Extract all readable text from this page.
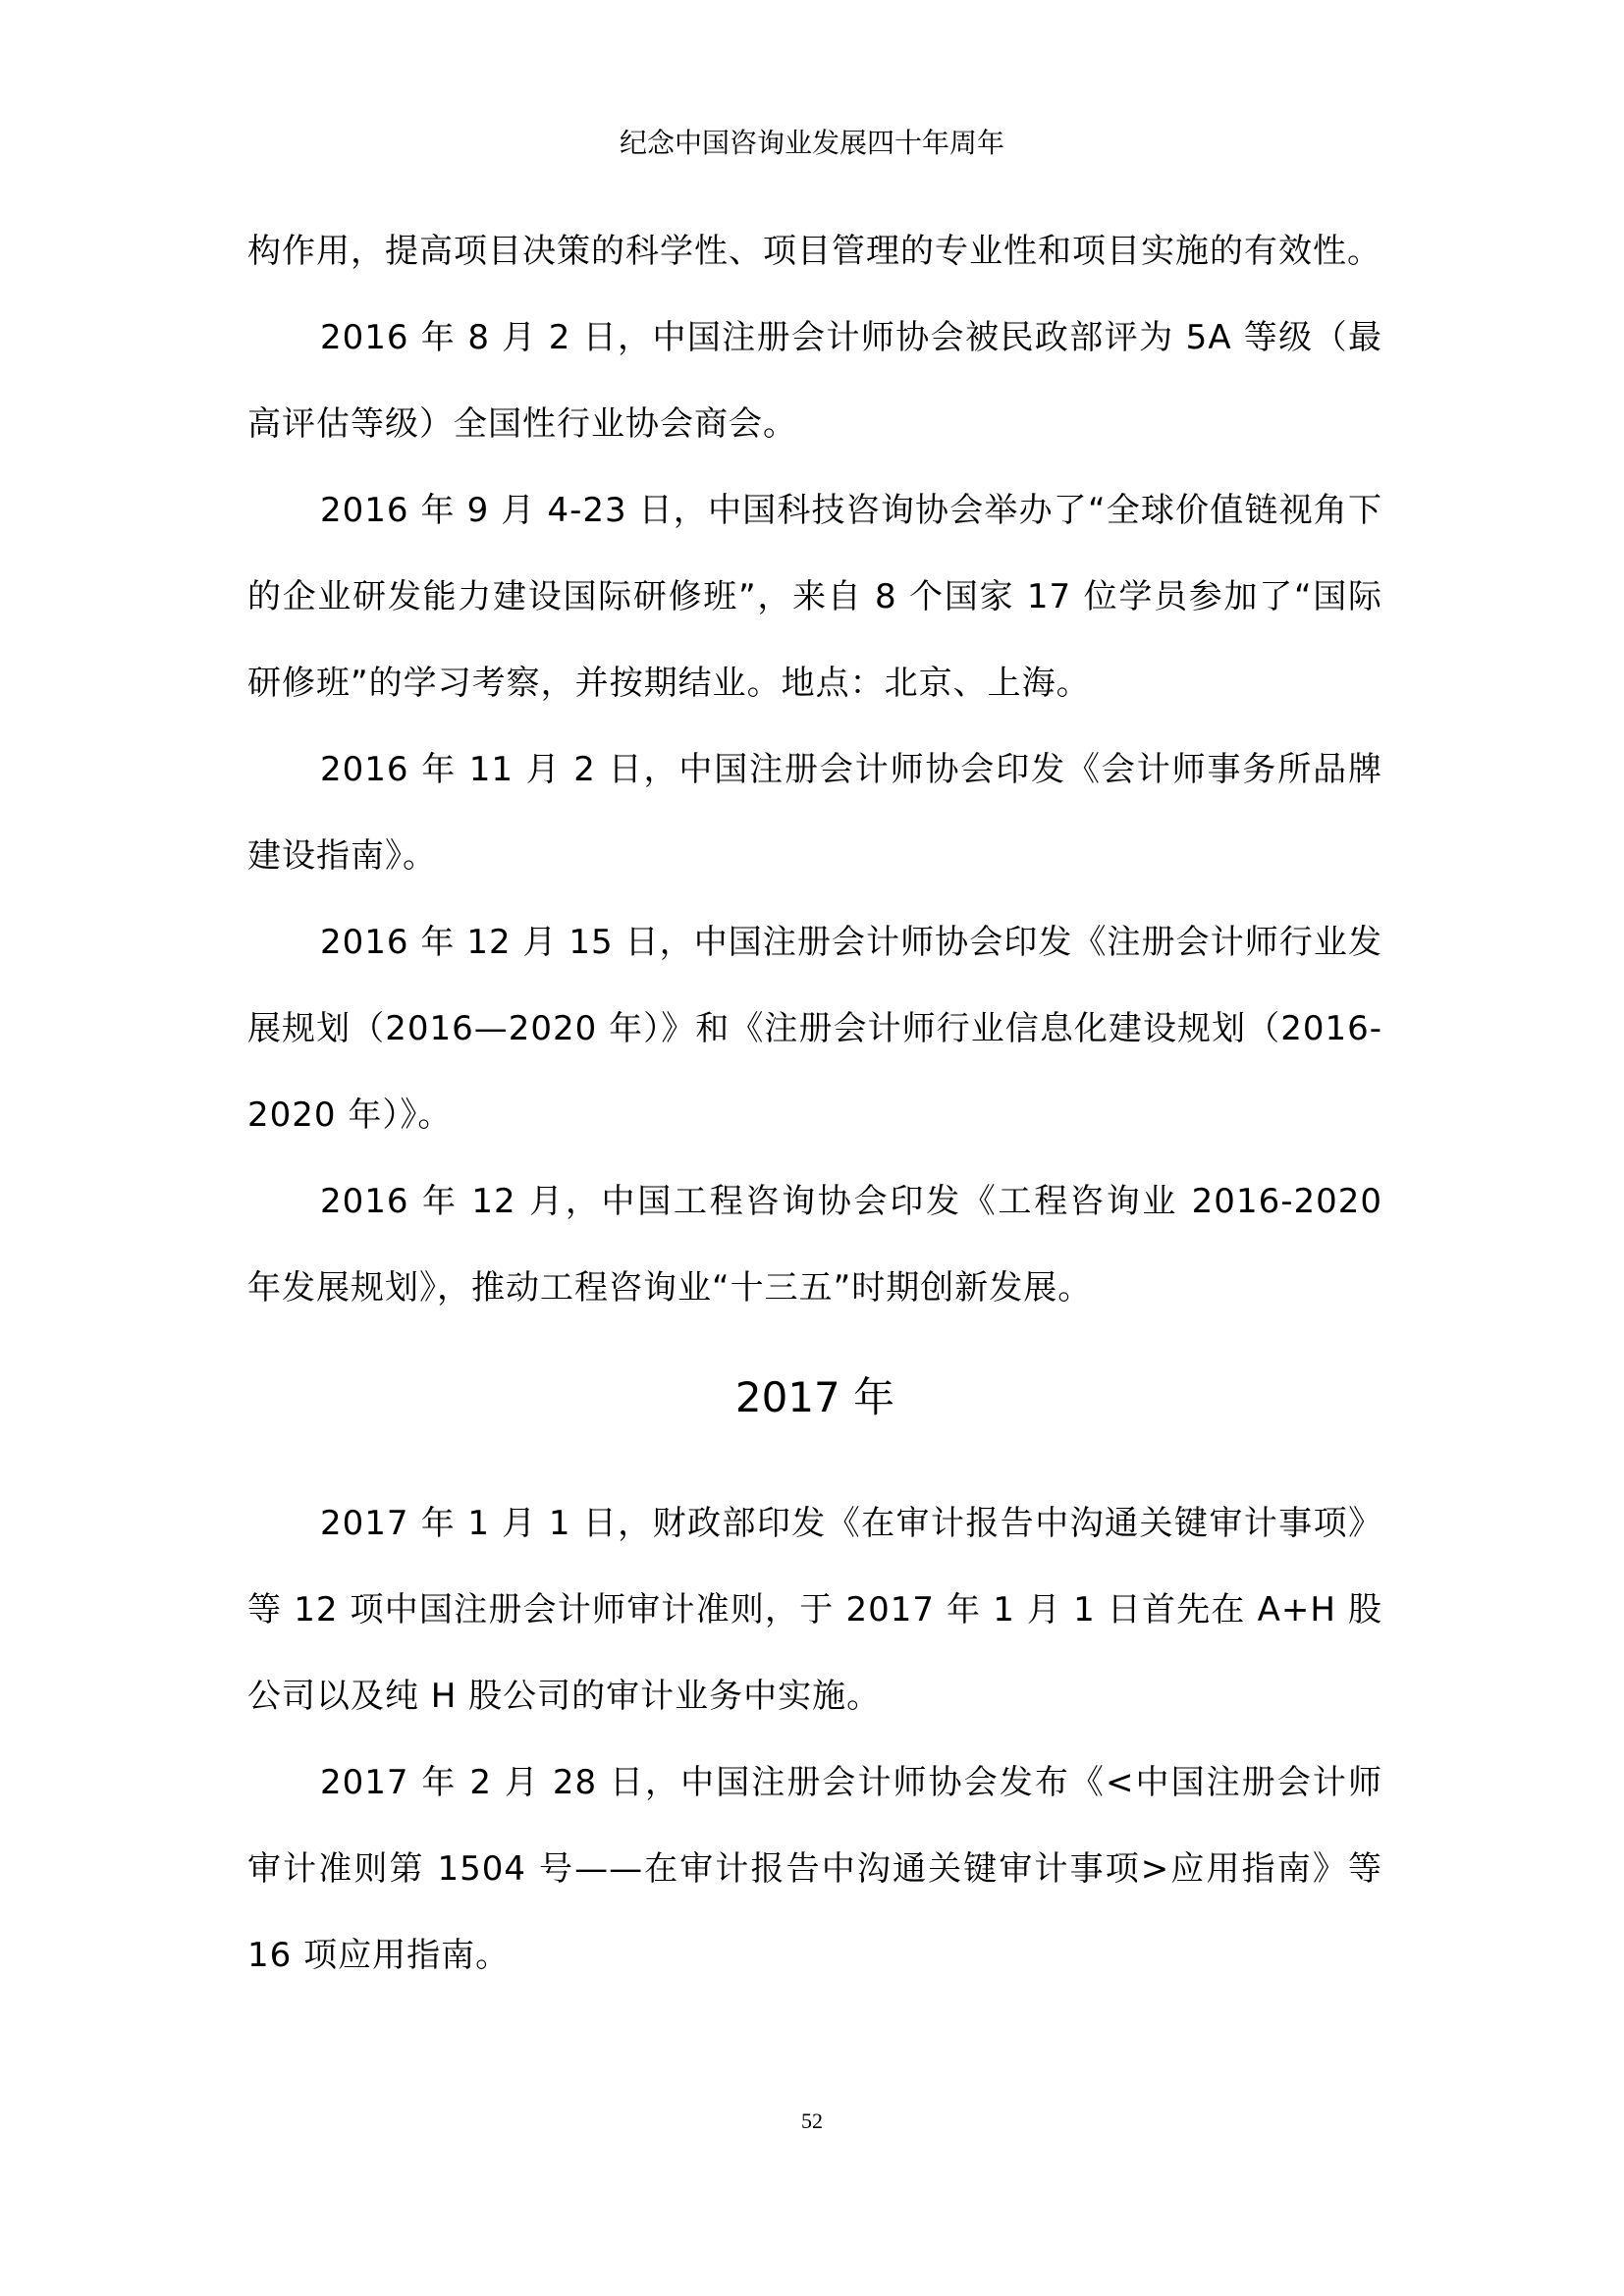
纪念中国咨询业发展四十年周年

构作用，提高项目决策的科学性、项目管理的专业性和项目实施的有效性。

2016 年 8 月 2 日，中国注册会计师协会被民政部评为 5A 等级（最高评估等级）全国性行业协会商会。

2016 年 9 月 4-23 日，中国科技咨询协会举办了“全球价值链视角下的企业研发能力建设国际研修班”，来自 8 个国家 17 位学员参加了“国际研修班”的学习考察，并按期结业。地点：北京、上海。

2016 年 11 月 2 日，中国注册会计师协会印发《会计师事务所品牌建设指南》。

2016 年 12 月 15 日，中国注册会计师协会印发《注册会计师行业发展规划（2016—2020 年）》和《注册会计师行业信息化建设规划（2016-2020 年）》。

2016 年 12 月，中国工程咨询协会印发《工程咨询业 2016-2020 年发展规划》，推动工程咨询业“十三五”时期创新发展。

2017 年

2017 年 1 月 1 日，财政部印发《在审计报告中沟通关键审计事项》等 12 项中国注册会计师审计准则，于 2017 年 1 月 1 日首先在 A+H 股公司以及纯 H 股公司的审计业务中实施。

2017 年 2 月 28 日，中国注册会计师协会发布《<中国注册会计师审计准则第 1504 号——在审计报告中沟通关键审计事项>应用指南》等 16 项应用指南。

52
